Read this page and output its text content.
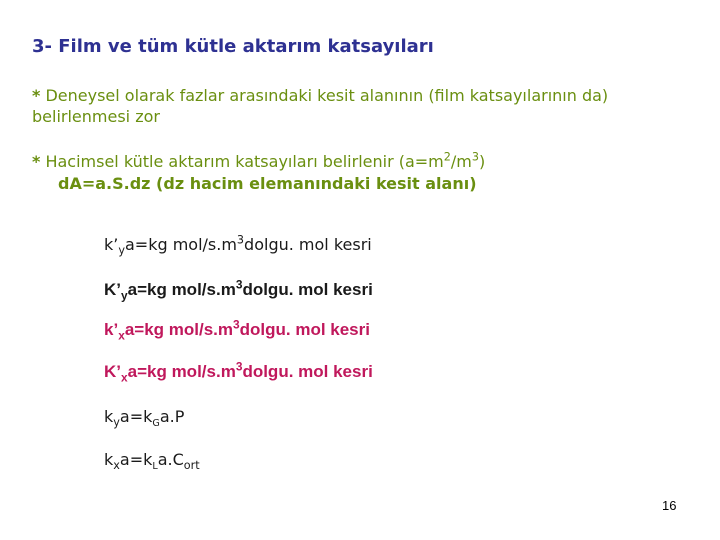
3- Film ve tüm kütle aktarım katsayıları
* Deneysel olarak fazlar arasındaki kesit alanının (film katsayılarının da)
belirlenmesi zor
* Hacimsel kütle aktarım katsayıları belirlenir $(a=m^2/m^3)$
dA=a.S.dz (dz hacim elemanındaki kesit alanı)
$k’_ya=kg$ mol/$s.m^3dolgu$. mol kesri
$K’_ya=kg$ mol/$s.m^3dolgu$. mol kesri
$k’_xa=kg$ mol/$s.m^3dolgu$. mol kesri
$K’_xa=kg$ mol/$s.m^3dolgu$. mol kesri
$k_ya=k_Ga.P$
$k_xa=k_La.C_{ort}$
16
